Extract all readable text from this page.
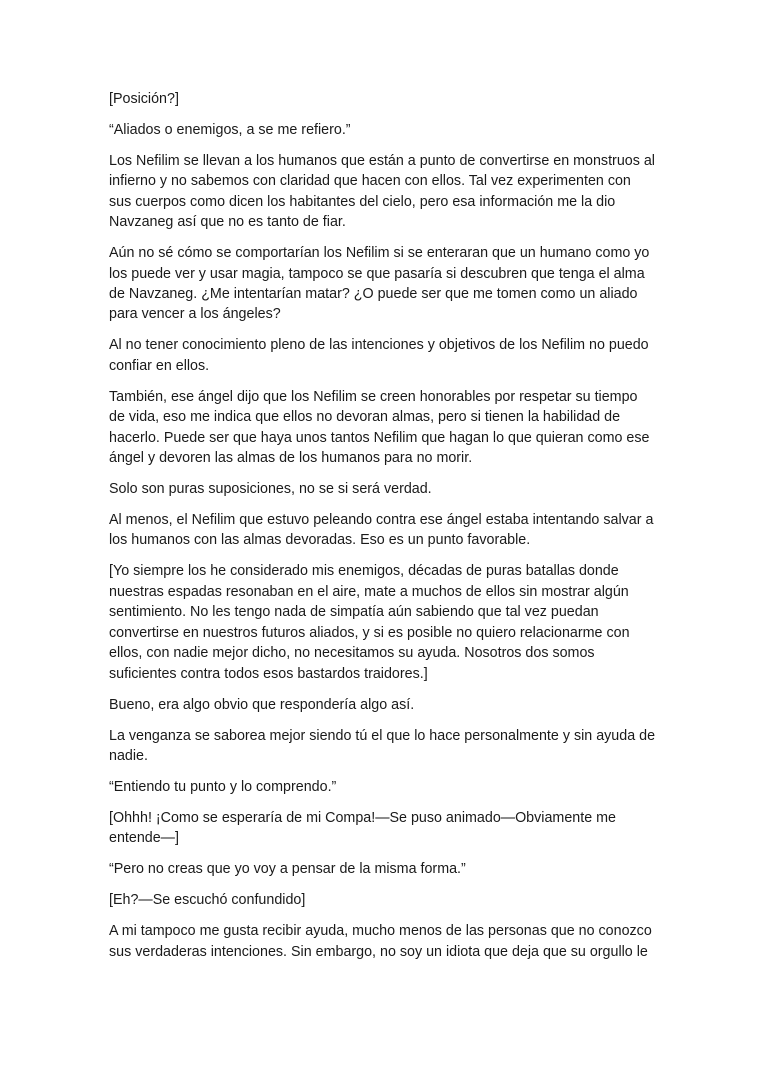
[Posición?]

“Aliados o enemigos, a se me refiero.”

Los Nefilim se llevan a los humanos que están a punto de convertirse en monstruos al infierno y no sabemos con claridad que hacen con ellos. Tal vez experimenten con sus cuerpos como dicen los habitantes del cielo, pero esa información me la dio Navzaneg así que no es tanto de fiar.

Aún no sé cómo se comportarían los Nefilim si se enteraran que un humano como yo los puede ver y usar magia, tampoco se que pasaría si descubren que tenga el alma de Navzaneg. ¿Me intentarían matar? ¿O puede ser que me tomen como un aliado para vencer a los ángeles?

Al no tener conocimiento pleno de las intenciones y objetivos de los Nefilim no puedo confiar en ellos.

También, ese ángel dijo que los Nefilim se creen honorables por respetar su tiempo de vida, eso me indica que ellos no devoran almas, pero si tienen la habilidad de hacerlo. Puede ser que haya unos tantos Nefilim que hagan lo que quieran como ese ángel y devoren las almas de los humanos para no morir.

Solo son puras suposiciones, no se si será verdad.

Al menos, el Nefilim que estuvo peleando contra ese ángel estaba intentando salvar a los humanos con las almas devoradas. Eso es un punto favorable.

[Yo siempre los he considerado mis enemigos, décadas de puras batallas donde nuestras espadas resonaban en el aire, mate a muchos de ellos sin mostrar algún sentimiento. No les tengo nada de simpatía aún sabiendo que tal vez puedan convertirse en nuestros futuros aliados, y si es posible no quiero relacionarme con ellos, con nadie mejor dicho, no necesitamos su ayuda. Nosotros dos somos suficientes contra todos esos bastardos traidores.]

Bueno, era algo obvio que respondería algo así.

La venganza se saborea mejor siendo tú el que lo hace personalmente y sin ayuda de nadie.

“Entiendo tu punto y lo comprendo.”

[Ohhh! ¡Como se esperaría de mi Compa!—Se puso animado—Obviamente me entende—]

“Pero no creas que yo voy a pensar de la misma forma.”

[Eh?—Se escuchó confundido]

A mi tampoco me gusta recibir ayuda, mucho menos de las personas que no conozco sus verdaderas intenciones. Sin embargo, no soy un idiota que deja que su orgullo le
